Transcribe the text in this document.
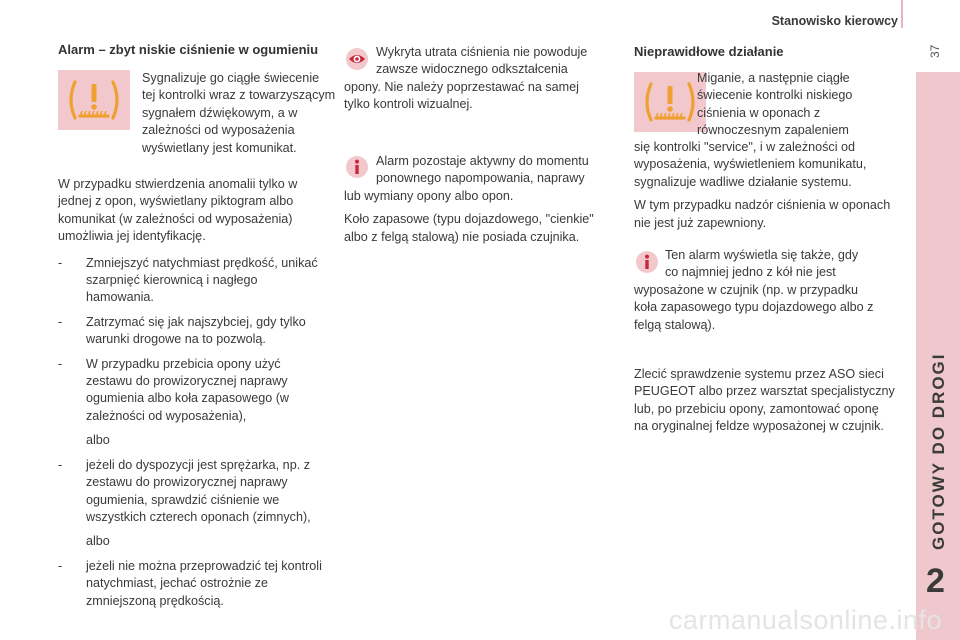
Stanowisko kierowcy
37
GOTOWY DO DROGI
2
Alarm – zbyt niskie ciśnienie w ogumieniu
Sygnalizuje go ciągłe świecenie
tej kontrolki wraz z towarzyszącym
sygnałem dźwiękowym, a w
zależności od wyposażenia
wyświetlany jest komunikat.

W przypadku stwierdzenia anomalii tylko w jednej z opon, wyświetlany piktogram albo komunikat (w zależności od wyposażenia) umożliwia jej identyfikację.

- Zmniejszyć natychmiast prędkość, unikać szarpnięć kierownicą i nagłego hamowania.
- Zatrzymać się jak najszybciej, gdy tylko warunki drogowe na to pozwolą.
- W przypadku przebicia opony użyć zestawu do prowizorycznej naprawy ogumienia albo koła zapasowego (w zależności od wyposażenia),
albo
- jeżeli do dyspozycji jest sprężarka, np. z zestawu do prowizorycznej naprawy ogumienia, sprawdzić ciśnienie we wszystkich czterech oponach (zimnych),
albo
- jeżeli nie można przeprowadzić tej kontroli natychmiast, jechać ostrożnie ze zmniejszoną prędkością.
Wykryta utrata ciśnienia nie powoduje
zawsze widocznego odkształcenia
opony. Nie należy poprzestawać na samej
tylko kontroli wizualnej.
Alarm pozostaje aktywny do momentu
ponownego napompowania, naprawy
lub wymiany opony albo opon.

Koło zapasowe (typu dojazdowego, "cienkie" albo z felgą stalową) nie posiada czujnika.

Nieprawidłowe działanie
Miganie, a następnie ciągłe
świecenie kontrolki niskiego
ciśnienia w oponach z
równoczesnym zapaleniem
się kontrolki "service", i w zależności od
wyposażenia, wyświetleniem komunikatu,
sygnalizuje wadliwe działanie systemu.

W tym przypadku nadzór ciśnienia w oponach nie jest już zapewniony.

Ten alarm wyświetla się także, gdy
co najmniej jedno z kół nie jest
wyposażone w czujnik (np. w przypadku
koła zapasowego typu dojazdowego albo z
felgą stalową).

Zlecić sprawdzenie systemu przez ASO sieci PEUGEOT albo przez warsztat specjalistyczny lub, po przebiciu opony, zamontować oponę na oryginalnej feldze wyposażonej w czujnik.

carmanualsonline.info
